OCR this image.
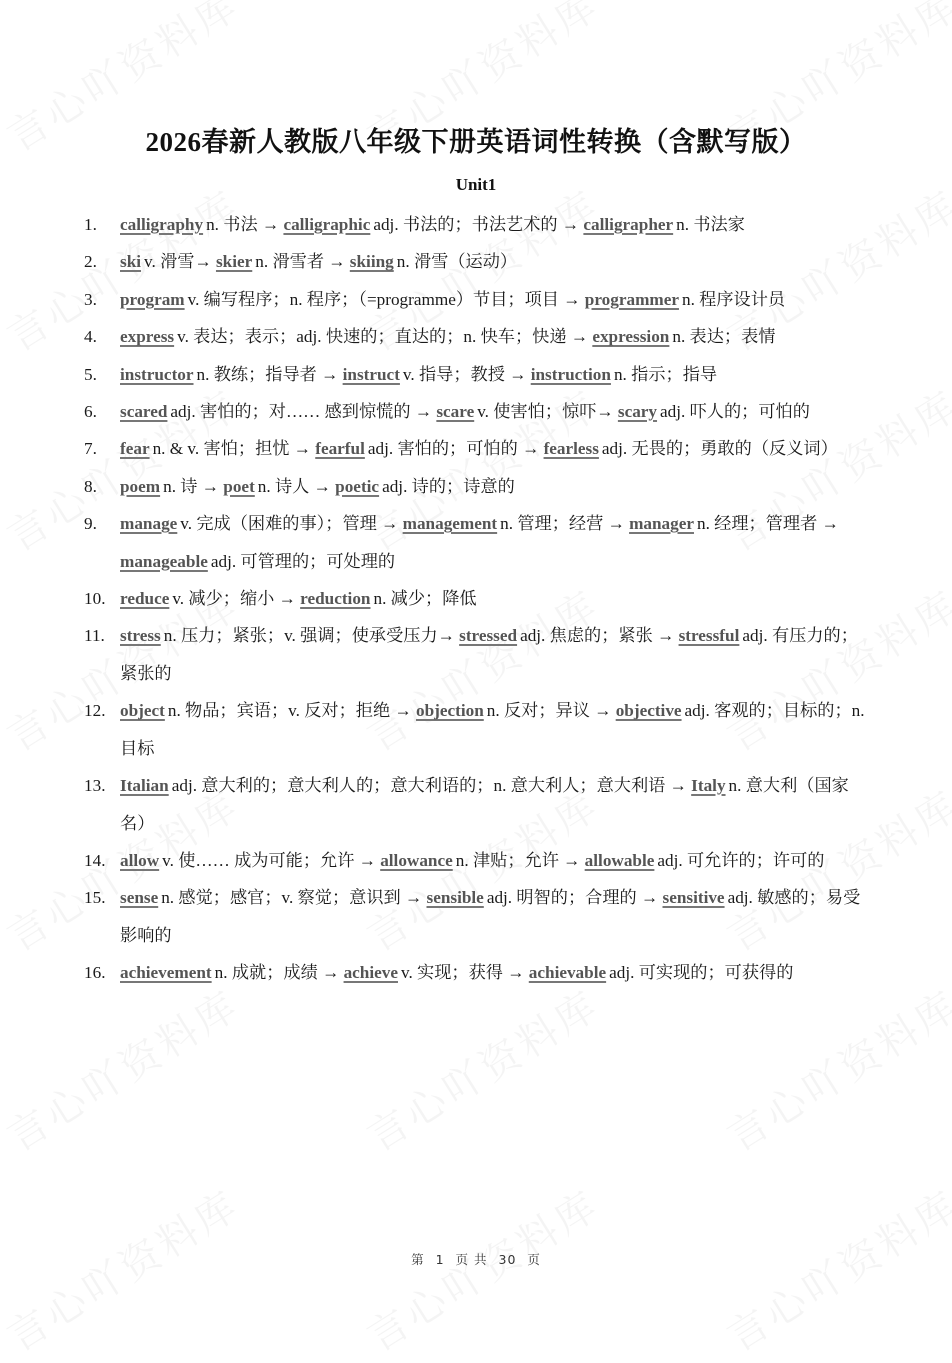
2026春新人教版八年级下册英语词性转换（含默写版）
Unit1
1.	calligraphy n. 书法 → calligraphic adj. 书法的；书法艺术的 → calligrapher n. 书法家
2.	ski v. 滑雪→ skier n. 滑雪者 → skiing n. 滑雪（运动）
3.	program v. 编写程序；n. 程序；（=programme）节目；项目 → programmer n. 程序设计员
4.	express v. 表达；表示；adj. 快速的；直达的；n. 快车；快递 → expression n. 表达；表情
5.	instructor n. 教练；指导者 → instruct v. 指导；教授 → instruction n. 指示；指导
6.	scared adj. 害怕的；对…… 感到惊慌的 → scare v. 使害怕；惊吓→ scary adj. 吓人的；可怕的
7.	fear n. & v. 害怕；担忧 → fearful adj. 害怕的；可怕的 → fearless adj. 无畏的；勇敢的（反义词）
8.	poem n. 诗 → poet n. 诗人 → poetic adj. 诗的；诗意的
9.	manage v. 完成（困难的事）；管理 → management n. 管理；经营 → manager n. 经理；管理者 → manageable adj. 可管理的；可处理的
10. reduce v. 减少；缩小 → reduction n. 减少；降低
11. stress n. 压力；紧张；v. 强调；使承受压力→ stressed adj. 焦虑的；紧张 → stressful adj. 有压力的；紧张的
12. object n. 物品；宾语；v. 反对；拒绝 → objection n. 反对；异议 → objective adj. 客观的；目标的；n. 目标
13. Italian adj. 意大利的；意大利人的；意大利语的；n. 意大利人；意大利语 → Italy n. 意大利（国家名）
14. allow v. 使…… 成为可能；允许 → allowance n. 津贴；允许 → allowable adj. 可允许的；许可的
15. sense n. 感觉；感官；v. 察觉；意识到 → sensible adj. 明智的；合理的 → sensitive adj. 敏感的；易受影响的
16. achievement n. 成就；成绩 → achieve v. 实现；获得 → achievable adj. 可实现的；可获得的
第 1 页 共 30 页
